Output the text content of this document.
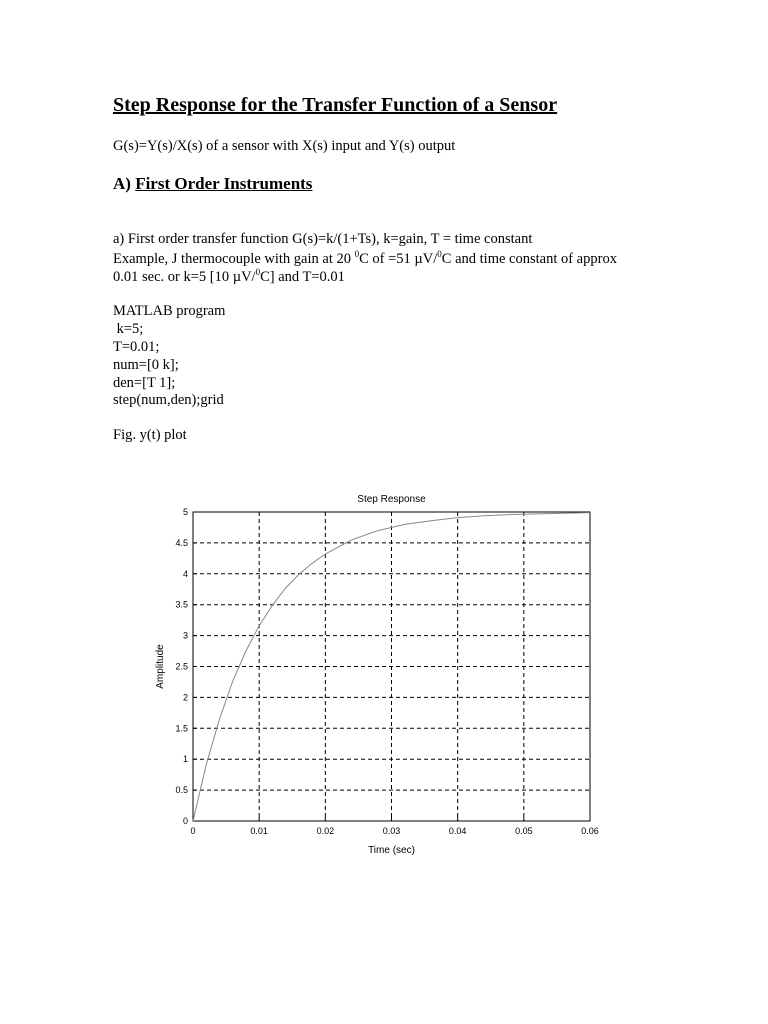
Step Response for the Transfer Function of a Sensor

G(s)=Y(s)/X(s) of a sensor with X(s) input and Y(s) output

A) First Order Instruments

a) First order transfer function G(s)=k/(1+Ts), k=gain, T = time constant

Example, J thermocouple with gain at 20 $^0$C of =51 µV/$^0$C and time constant of approx

0.01 sec. or k=5 [10 µV/$^0$C] and T=0.01

MATLAB program

k=5;

T=0.01;

num=[0 k];

den=[T 1];

step(num,den);grid

Fig. y(t) plot

0	0.01	0.02	0.03	0.04	0.05	0.06
0
0.5
1
1.5
2
2.5
3
3.5
4
4.5
5
Step Response
Time (sec)
Amplitude
